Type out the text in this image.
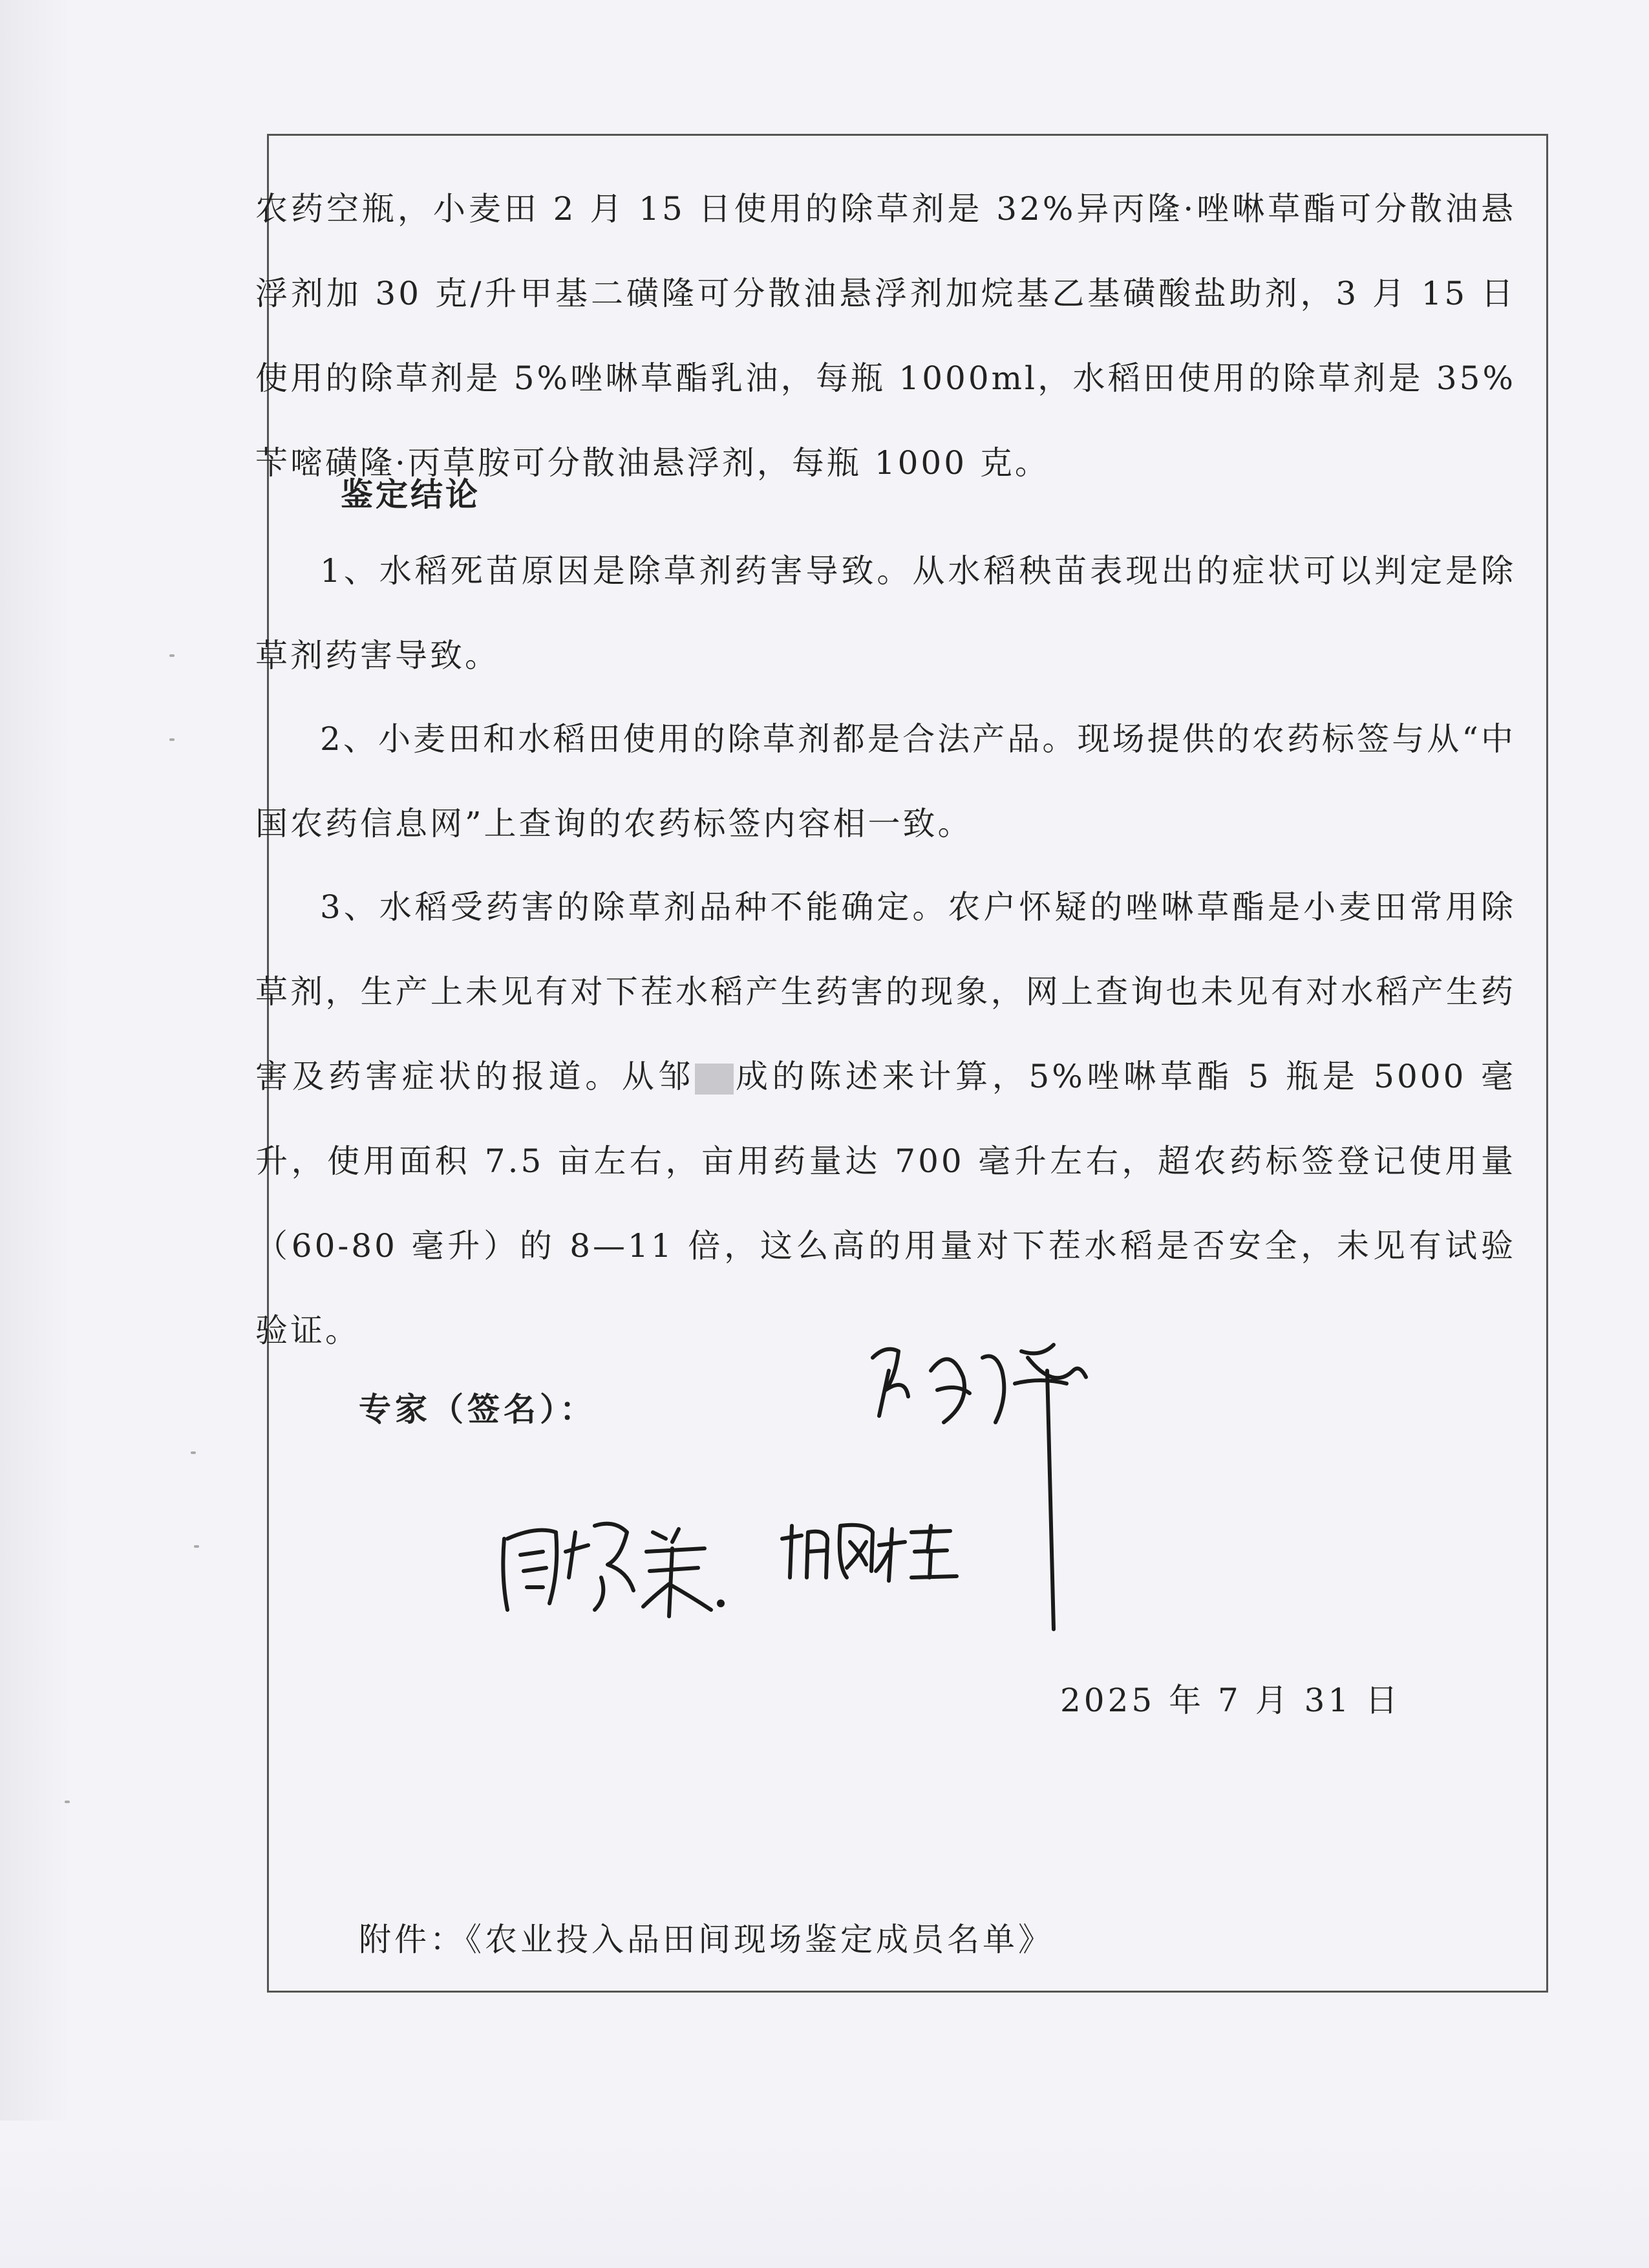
农药空瓶，小麦田 2 月 15 日使用的除草剂是 32%异丙隆·唑啉草酯可分散油悬浮剂加 30 克/升甲基二磺隆可分散油悬浮剂加烷基乙基磺酸盐助剂，3 月 15 日使用的除草剂是 5%唑啉草酯乳油，每瓶 1000ml，水稻田使用的除草剂是 35%苄嘧磺隆·丙草胺可分散油悬浮剂，每瓶 1000 克。

鉴定结论

1、水稻死苗原因是除草剂药害导致。从水稻秧苗表现出的症状可以判定是除草剂药害导致。

2、小麦田和水稻田使用的除草剂都是合法产品。现场提供的农药标签与从“中国农药信息网”上查询的农药标签内容相一致。

3、水稻受药害的除草剂品种不能确定。农户怀疑的唑啉草酯是小麦田常用除草剂，生产上未见有对下茬水稻产生药害的现象，网上查询也未见有对水稻产生药害及药害症状的报道。从邹 成的陈述来计算，5%唑啉草酯 5 瓶是 5000 毫升，使用面积 7.5 亩左右，亩用药量达 700 毫升左右，超农药标签登记使用量（60-80 毫升）的 8—11 倍，这么高的用量对下茬水稻是否安全，未见有试验验证。

专家（签名）：
2025 年 7 月 31 日
附件：《农业投入品田间现场鉴定成员名单》
